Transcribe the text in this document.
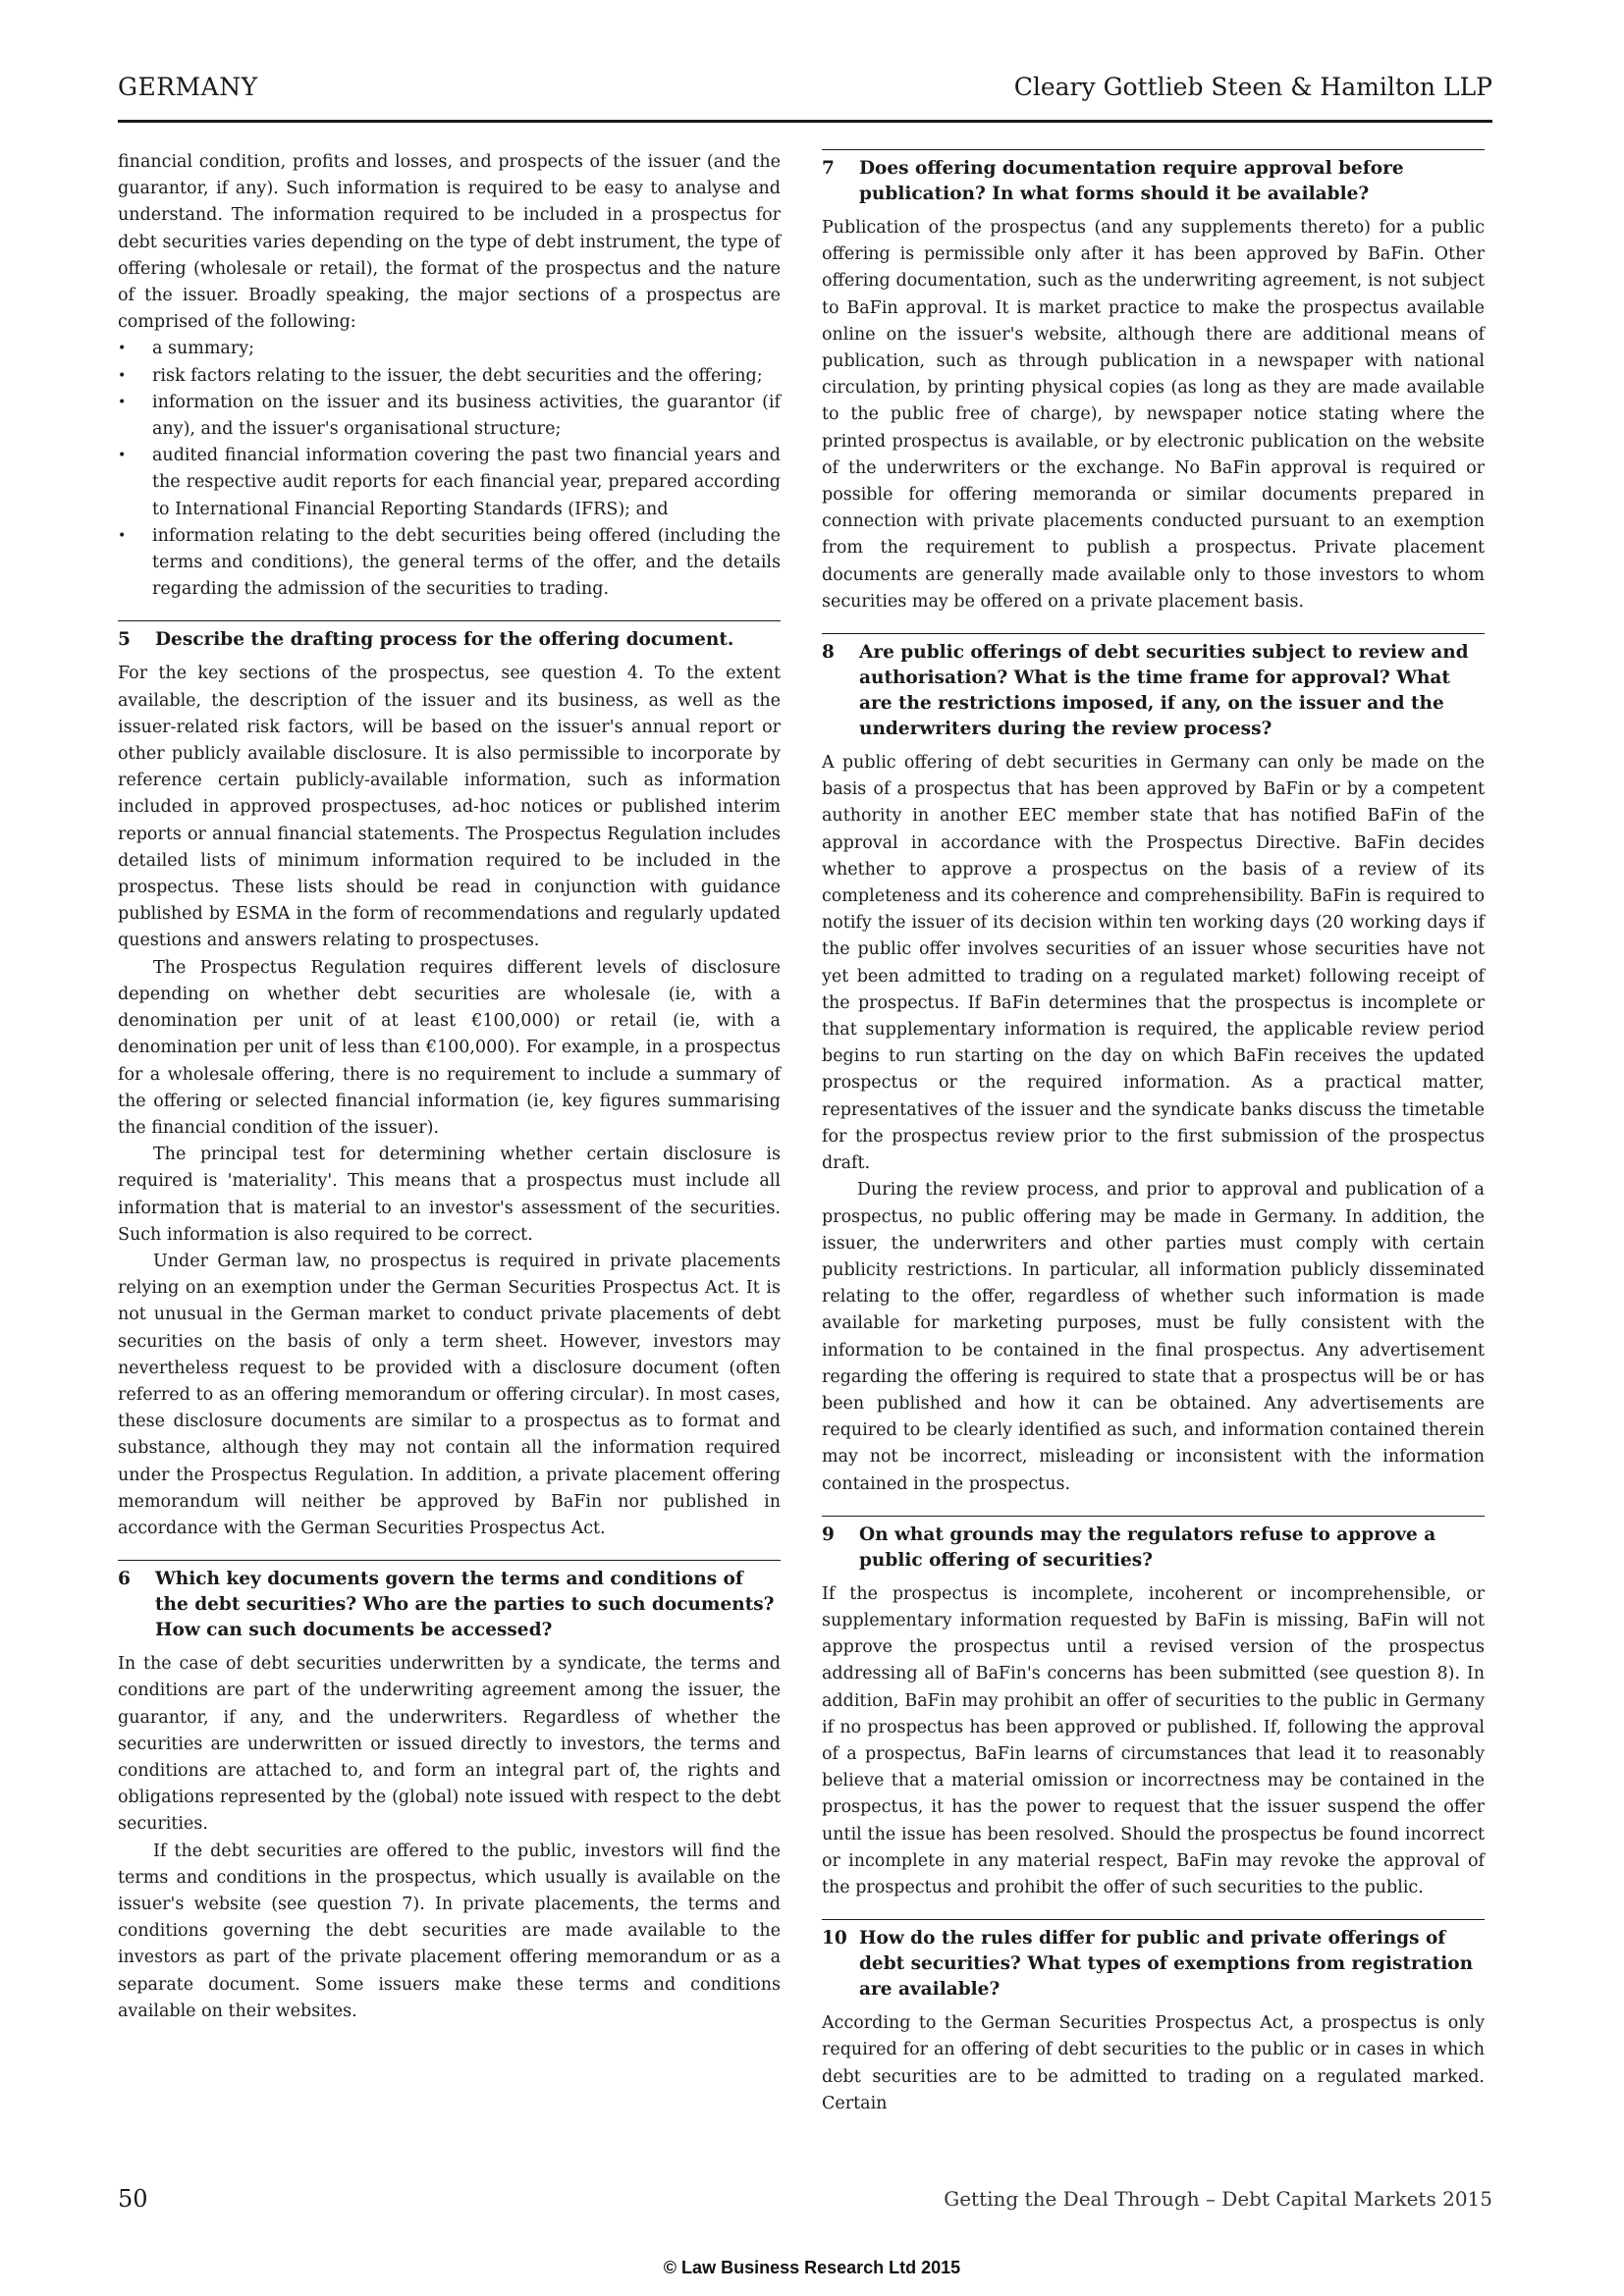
GERMANY	Cleary Gottlieb Steen & Hamilton LLP

financial condition, profits and losses, and prospects of the issuer (and the guarantor, if any). Such information is required to be easy to analyse and understand. The information required to be included in a prospectus for debt securities varies depending on the type of debt instrument, the type of offering (wholesale or retail), the format of the prospectus and the nature of the issuer. Broadly speaking, the major sections of a prospectus are comprised of the following:

• a summary;
• risk factors relating to the issuer, the debt securities and the offering;
• information on the issuer and its business activities, the guarantor (if any), and the issuer's organisational structure;
• audited financial information covering the past two financial years and the respective audit reports for each financial year, prepared according to International Financial Reporting Standards (IFRS); and
• information relating to the debt securities being offered (including the terms and conditions), the general terms of the offer, and the details regarding the admission of the securities to trading.
5	Describe the drafting process for the offering document.

For the key sections of the prospectus, see question 4. To the extent available, the description of the issuer and its business, as well as the issuer-related risk factors, will be based on the issuer's annual report or other publicly available disclosure. It is also permissible to incorporate by reference certain publicly-available information, such as information included in approved prospectuses, ad-hoc notices or published interim reports or annual financial statements. The Prospectus Regulation includes detailed lists of minimum information required to be included in the prospectus. These lists should be read in conjunction with guidance published by ESMA in the form of recommendations and regularly updated questions and answers relating to prospectuses.

The Prospectus Regulation requires different levels of disclosure depending on whether debt securities are wholesale (ie, with a denomination per unit of at least €100,000) or retail (ie, with a denomination per unit of less than €100,000). For example, in a prospectus for a wholesale offering, there is no requirement to include a summary of the offering or selected financial information (ie, key figures summarising the financial condition of the issuer).

The principal test for determining whether certain disclosure is required is 'materiality'. This means that a prospectus must include all information that is material to an investor's assessment of the securities. Such information is also required to be correct.

Under German law, no prospectus is required in private placements relying on an exemption under the German Securities Prospectus Act. It is not unusual in the German market to conduct private placements of debt securities on the basis of only a term sheet. However, investors may nevertheless request to be provided with a disclosure document (often referred to as an offering memorandum or offering circular). In most cases, these disclosure documents are similar to a prospectus as to format and substance, although they may not contain all the information required under the Prospectus Regulation. In addition, a private placement offering memorandum will neither be approved by BaFin nor published in accordance with the German Securities Prospectus Act.

6	Which key documents govern the terms and conditions of the debt securities? Who are the parties to such documents? How can such documents be accessed?

In the case of debt securities underwritten by a syndicate, the terms and conditions are part of the underwriting agreement among the issuer, the guarantor, if any, and the underwriters. Regardless of whether the securities are underwritten or issued directly to investors, the terms and conditions are attached to, and form an integral part of, the rights and obligations represented by the (global) note issued with respect to the debt securities.

If the debt securities are offered to the public, investors will find the terms and conditions in the prospectus, which usually is available on the issuer's website (see question 7). In private placements, the terms and conditions governing the debt securities are made available to the investors as part of the private placement offering memorandum or as a separate document. Some issuers make these terms and conditions available on their websites.

7	Does offering documentation require approval before publication? In what forms should it be available?

Publication of the prospectus (and any supplements thereto) for a public offering is permissible only after it has been approved by BaFin. Other offering documentation, such as the underwriting agreement, is not subject to BaFin approval. It is market practice to make the prospectus available online on the issuer's website, although there are additional means of publication, such as through publication in a newspaper with national circulation, by printing physical copies (as long as they are made available to the public free of charge), by newspaper notice stating where the printed prospectus is available, or by electronic publication on the website of the underwriters or the exchange. No BaFin approval is required or possible for offering memoranda or similar documents prepared in connection with private placements conducted pursuant to an exemption from the requirement to publish a prospectus. Private placement documents are generally made available only to those investors to whom securities may be offered on a private placement basis.

8	Are public offerings of debt securities subject to review and authorisation? What is the time frame for approval? What are the restrictions imposed, if any, on the issuer and the underwriters during the review process?

A public offering of debt securities in Germany can only be made on the basis of a prospectus that has been approved by BaFin or by a competent authority in another EEC member state that has notified BaFin of the approval in accordance with the Prospectus Directive. BaFin decides whether to approve a prospectus on the basis of a review of its completeness and its coherence and comprehensibility. BaFin is required to notify the issuer of its decision within ten working days (20 working days if the public offer involves securities of an issuer whose securities have not yet been admitted to trading on a regulated market) following receipt of the prospectus. If BaFin determines that the prospectus is incomplete or that supplementary information is required, the applicable review period begins to run starting on the day on which BaFin receives the updated prospectus or the required information. As a practical matter, representatives of the issuer and the syndicate banks discuss the timetable for the prospectus review prior to the first submission of the prospectus draft.

During the review process, and prior to approval and publication of a prospectus, no public offering may be made in Germany. In addition, the issuer, the underwriters and other parties must comply with certain publicity restrictions. In particular, all information publicly disseminated relating to the offer, regardless of whether such information is made available for marketing purposes, must be fully consistent with the information to be contained in the final prospectus. Any advertisement regarding the offering is required to state that a prospectus will be or has been published and how it can be obtained. Any advertisements are required to be clearly identified as such, and information contained therein may not be incorrect, misleading or inconsistent with the information contained in the prospectus.

9	On what grounds may the regulators refuse to approve a public offering of securities?

If the prospectus is incomplete, incoherent or incomprehensible, or supplementary information requested by BaFin is missing, BaFin will not approve the prospectus until a revised version of the prospectus addressing all of BaFin's concerns has been submitted (see question 8). In addition, BaFin may prohibit an offer of securities to the public in Germany if no prospectus has been approved or published. If, following the approval of a prospectus, BaFin learns of circumstances that lead it to reasonably believe that a material omission or incorrectness may be contained in the prospectus, it has the power to request that the issuer suspend the offer until the issue has been resolved. Should the prospectus be found incorrect or incomplete in any material respect, BaFin may revoke the approval of the prospectus and prohibit the offer of such securities to the public.

10 How do the rules differ for public and private offerings of debt securities? What types of exemptions from registration are available?

According to the German Securities Prospectus Act, a prospectus is only required for an offering of debt securities to the public or in cases in which debt securities are to be admitted to trading on a regulated marked. Certain

50	Getting the Deal Through – Debt Capital Markets 2015
© Law Business Research Ltd 2015
